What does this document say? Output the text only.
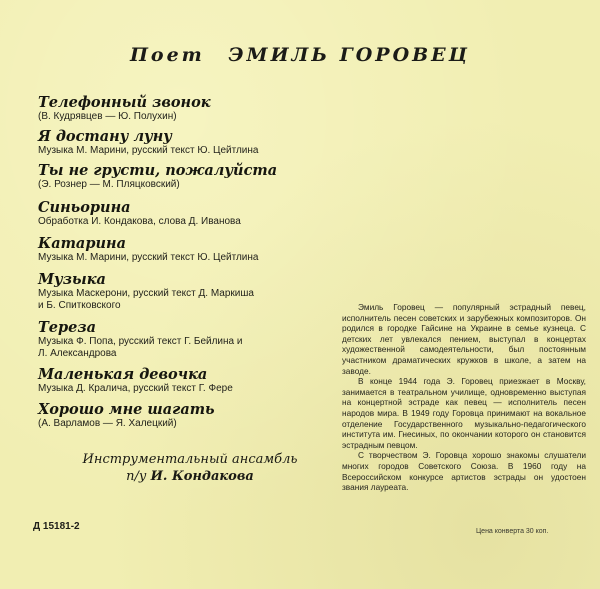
Поет ЭМИЛЬ ГОРОВЕЦ
Телефонный звонок
(В. Кудрявцев — Ю. Полухин)
Я достану луну
Музыка М. Марини, русский текст Ю. Цейтлина
Ты не грусти, пожалуйста
(Э. Рознер — М. Пляцковский)
Синьорина
Обработка И. Кондакова, слова Д. Иванова
Катарина
Музыка М. Марини, русский текст Ю. Цейтлина
Музыка
Музыка Маскерони, русский текст Д. Маркиша
и Б. Спитковского
Тереза
Музыка Ф. Попа, русский текст Г. Бейлина и
Л. Александрова
Маленькая девочка
Музыка Д. Кралича, русский текст Г. Фере
Хорошо мне шагать
(А. Варламов — Я. Халецкий)
Инструментальный ансамбль
п/у И. Кондакова
Д 15181-2

Эмиль Горовец — популярный эстрадный певец, исполнитель песен советских и зарубежных композиторов. Он родился в городке Гайсине на Украине в семье кузнеца. С детских лет увлекался пением, выступал в концертах художественной самодеятельности, был постоянным участником драматических кружков в школе, а затем на заводе.

В конце 1944 года Э. Горовец приезжает в Москву, занимается в театральном училище, одновременно выступая на концертной эстраде как певец — исполнитель песен народов мира. В 1949 году Горовца принимают на вокальное отделение Государственного музыкально-педагогического института им. Гнесиных, по окончании которого он становится эстрадным певцом.

С творчеством Э. Горовца хорошо знакомы слушатели многих городов Советского Союза. В 1960 году на Всероссийском конкурсе артистов эстрады он удостоен звания лауреата.

Цена конверта 30 коп.
